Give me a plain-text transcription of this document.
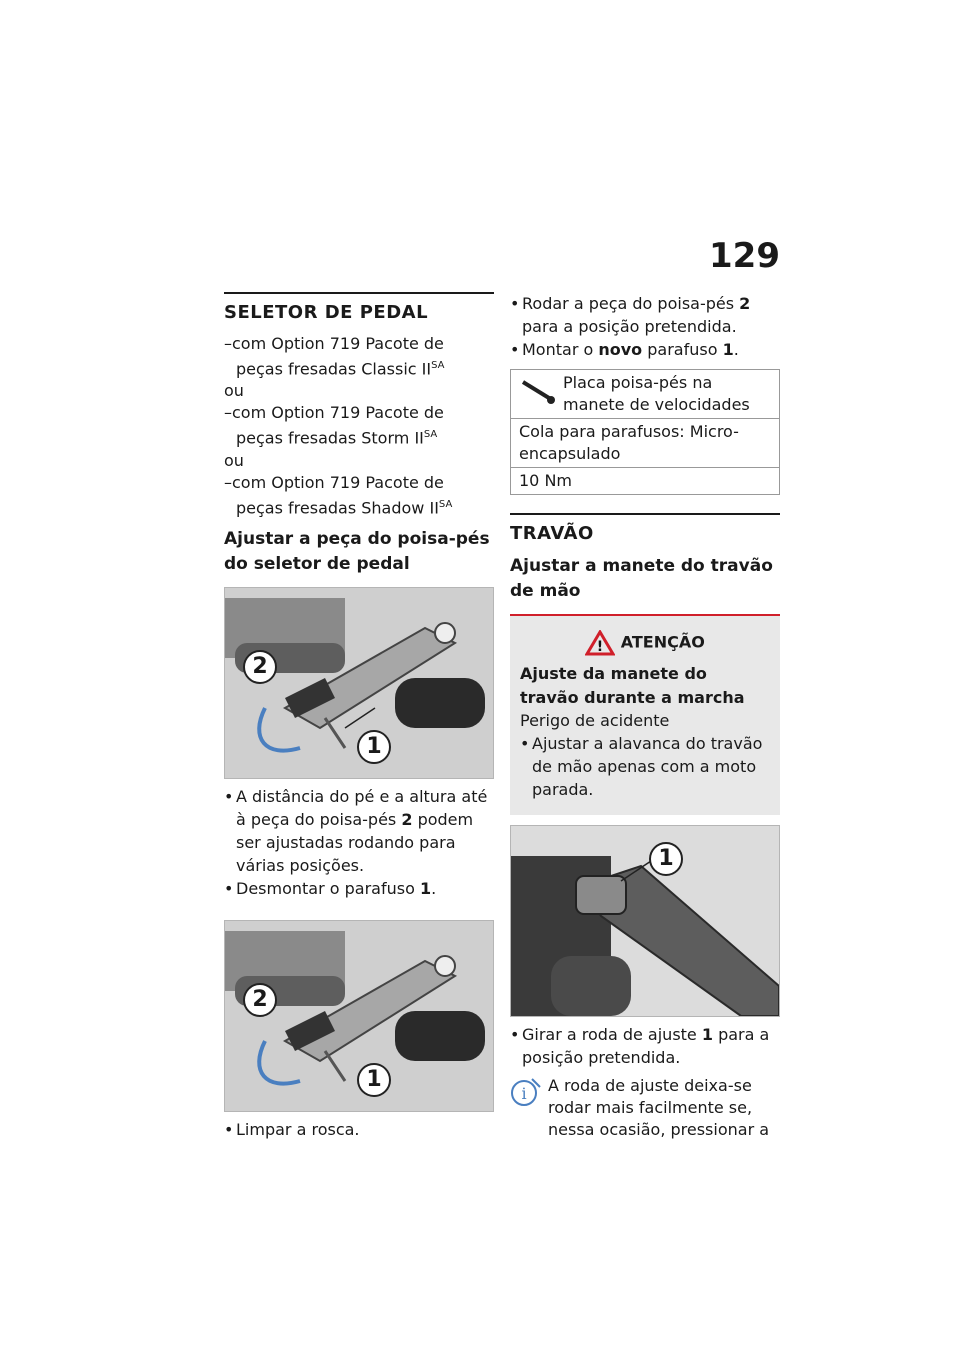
129
SELETOR DE PEDAL
–com Option 719 Pacote de
peças fresadas Classic $II^{SA}$
ou
–com Option 719 Pacote de
peças fresadas Storm $II^{SA}$
ou
–com Option 719 Pacote de
peças fresadas Shadow $II^{SA}$
Ajustar a peça do poisa-pés do seletor de pedal
2
1
• A distância do pé e a altura até à peça do poisa-pés 2 podem ser ajustadas rodando para várias posições.
• Desmontar o parafuso 1.
2
1
• Limpar a rosca.
• Rodar a peça do poisa-pés 2 para a posição pretendida.
• Montar o novo parafuso 1.
Placa poisa-pés na manete de velocidades
Cola para parafusos: Micro-encapsulado
10 Nm
TRAVÃO
Ajustar a manete do travão de mão
! ATENÇÃO
Ajuste da manete do travão durante a marcha
Perigo de acidente
• Ajustar a alavanca do travão de mão apenas com a moto parada.
1
• Girar a roda de ajuste 1 para a posição pretendida.
i A roda de ajuste deixa-se rodar mais facilmente se, nessa ocasião, pressionar a
